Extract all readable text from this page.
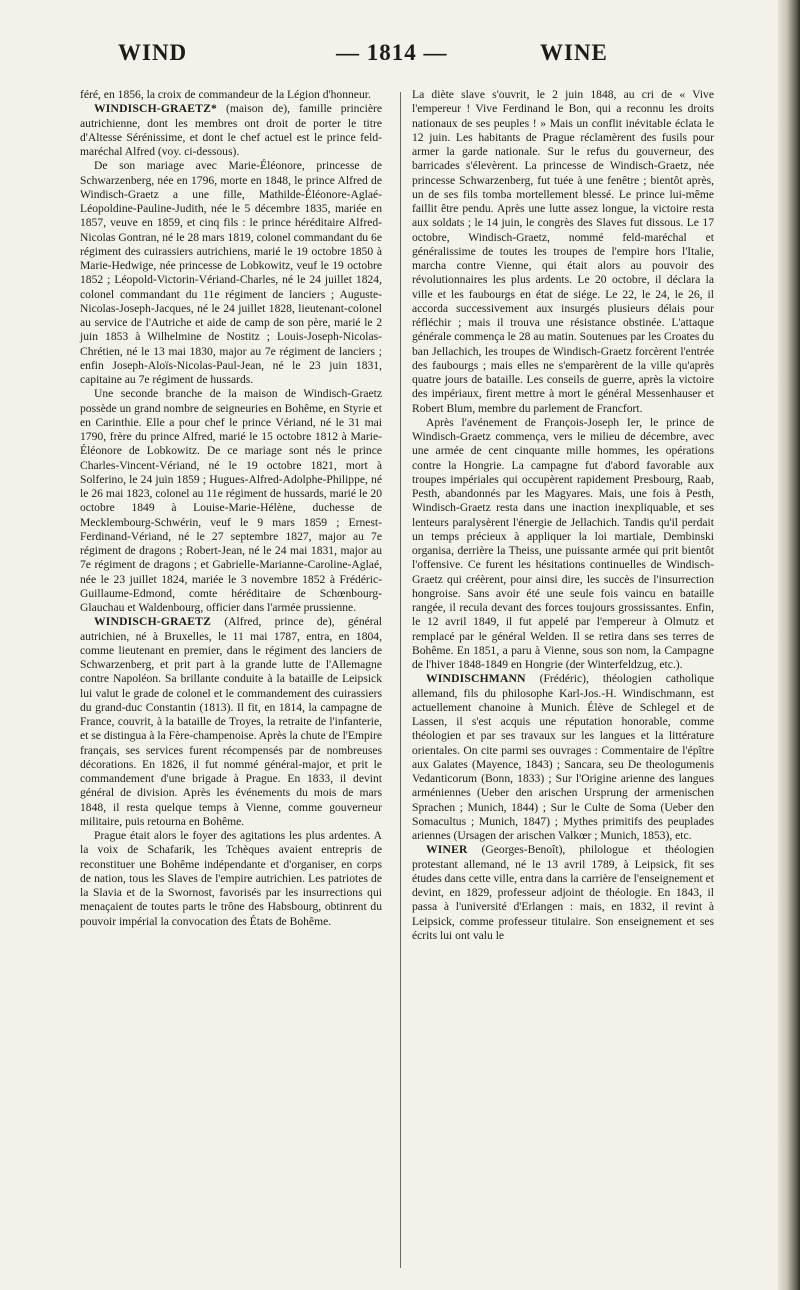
WIND	— 1814 —	WINE

féré, en 1856, la croix de commandeur de la Légion d'honneur.

WINDISCH-GRAETZ* (maison de), famille princière autrichienne, dont les membres ont droit de porter le titre d'Altesse Sérénissime, et dont le chef actuel est le prince feld-maréchal Alfred (voy. ci-dessous).

De son mariage avec Marie-Éléonore, princesse de Schwarzenberg, née en 1796, morte en 1848, le prince Alfred de Windisch-Graetz a une fille, Mathilde-Éléonore-Aglaé-Léopoldine-Pauline-Judith, née le 5 décembre 1835, mariée en 1857, veuve en 1859, et cinq fils : le prince héréditaire Alfred-Nicolas Gontran, né le 28 mars 1819, colonel commandant du 6e régiment des cuirassiers autrichiens, marié le 19 octobre 1850 à Marie-Hedwige, née princesse de Lobkowitz, veuf le 19 octobre 1852 ; Léopold-Victorin-Vériand-Charles, né le 24 juillet 1824, colonel commandant du 11e régiment de lanciers ; Auguste-Nicolas-Joseph-Jacques, né le 24 juillet 1828, lieutenant-colonel au service de l'Autriche et aide de camp de son père, marié le 2 juin 1853 à Wilhelmine de Nostitz ; Louis-Joseph-Nicolas-Chrétien, né le 13 mai 1830, major au 7e régiment de lanciers ; enfin Joseph-Aloïs-Nicolas-Paul-Jean, né le 23 juin 1831, capitaine au 7e régiment de hussards.

Une seconde branche de la maison de Windisch-Graetz possède un grand nombre de seigneuries en Bohême, en Styrie et en Carinthie. Elle a pour chef le prince Vériand, né le 31 mai 1790, frère du prince Alfred, marié le 15 octobre 1812 à Marie-Éléonore de Lobkowitz. De ce mariage sont nés le prince Charles-Vincent-Vériand, né le 19 octobre 1821, mort à Solferino, le 24 juin 1859 ; Hugues-Alfred-Adolphe-Philippe, né le 26 mai 1823, colonel au 11e régiment de hussards, marié le 20 octobre 1849 à Louise-Marie-Hélène, duchesse de Mecklembourg-Schwérin, veuf le 9 mars 1859 ; Ernest-Ferdinand-Vériand, né le 27 septembre 1827, major au 7e régiment de dragons ; Robert-Jean, né le 24 mai 1831, major au 7e régiment de dragons ; et Gabrielle-Marianne-Caroline-Aglaé, née le 23 juillet 1824, mariée le 3 novembre 1852 à Frédéric-Guillaume-Edmond, comte héréditaire de Schœnbourg-Glauchau et Waldenbourg, officier dans l'armée prussienne.

WINDISCH-GRAETZ (Alfred, prince de), général autrichien, né à Bruxelles, le 11 mai 1787, entra, en 1804, comme lieutenant en premier, dans le régiment des lanciers de Schwarzenberg, et prit part à la grande lutte de l'Allemagne contre Napoléon. Sa brillante conduite à la bataille de Leipsick lui valut le grade de colonel et le commandement des cuirassiers du grand-duc Constantin (1813). Il fit, en 1814, la campagne de France, couvrit, à la bataille de Troyes, la retraite de l'infanterie, et se distingua à la Fère-champenoise. Après la chute de l'Empire français, ses services furent récompensés par de nombreuses décorations. En 1826, il fut nommé général-major, et prit le commandement d'une brigade à Prague. En 1833, il devint général de division. Après les événements du mois de mars 1848, il resta quelque temps à Vienne, comme gouverneur militaire, puis retourna en Bohême.

Prague était alors le foyer des agitations les plus ardentes. A la voix de Schafarik, les Tchèques avaient entrepris de reconstituer une Bohême indépendante et d'organiser, en corps de nation, tous les Slaves de l'empire autrichien. Les patriotes de la Slavia et de la Swornost, favorisés par les insurrections qui menaçaient de toutes parts le trône des Habsbourg, obtinrent du pouvoir impérial la convocation des États de Bohême.

La diète slave s'ouvrit, le 2 juin 1848, au cri de « Vive l'empereur ! Vive Ferdinand le Bon, qui a reconnu les droits nationaux de ses peuples ! » Mais un conflit inévitable éclata le 12 juin. Les habitants de Prague réclamèrent des fusils pour armer la garde nationale. Sur le refus du gouverneur, des barricades s'élevèrent. La princesse de Windisch-Graetz, née princesse Schwarzenberg, fut tuée à une fenêtre ; bientôt après, un de ses fils tomba mortellement blessé. Le prince lui-même faillit être pendu. Après une lutte assez longue, la victoire resta aux soldats ; le 14 juin, le congrès des Slaves fut dissous. Le 17 octobre, Windisch-Graetz, nommé feld-maréchal et généralissime de toutes les troupes de l'empire hors l'Italie, marcha contre Vienne, qui était alors au pouvoir des révolutionnaires les plus ardents. Le 20 octobre, il déclara la ville et les faubourgs en état de siége. Le 22, le 24, le 26, il accorda successivement aux insurgés plusieurs délais pour réfléchir ; mais il trouva une résistance obstinée. L'attaque générale commença le 28 au matin. Soutenues par les Croates du ban Jellachich, les troupes de Windisch-Graetz forcèrent l'entrée des faubourgs ; mais elles ne s'emparèrent de la ville qu'après quatre jours de bataille. Les conseils de guerre, après la victoire des impériaux, firent mettre à mort le général Messenhauser et Robert Blum, membre du parlement de Francfort.

Après l'avénement de François-Joseph Ier, le prince de Windisch-Graetz commença, vers le milieu de décembre, avec une armée de cent cinquante mille hommes, les opérations contre la Hongrie. La campagne fut d'abord favorable aux troupes impériales qui occupèrent rapidement Presbourg, Raab, Pesth, abandonnés par les Magyares. Mais, une fois à Pesth, Windisch-Graetz resta dans une inaction inexpliquable, et ses lenteurs paralysèrent l'énergie de Jellachich. Tandis qu'il perdait un temps précieux à appliquer la loi martiale, Dembinski organisa, derrière la Theiss, une puissante armée qui prit bientôt l'offensive. Ce furent les hésitations continuelles de Windisch-Graetz qui créèrent, pour ainsi dire, les succès de l'insurrection hongroise. Sans avoir été une seule fois vaincu en bataille rangée, il recula devant des forces toujours grossissantes. Enfin, le 12 avril 1849, il fut appelé par l'empereur à Olmutz et remplacé par le général Welden. Il se retira dans ses terres de Bohême. En 1851, a paru à Vienne, sous son nom, la Campagne de l'hiver 1848-1849 en Hongrie (der Winterfeldzug, etc.).

WINDISCHMANN (Frédéric), théologien catholique allemand, fils du philosophe Karl-Jos.-H. Windischmann, est actuellement chanoine à Munich. Élève de Schlegel et de Lassen, il s'est acquis une réputation honorable, comme théologien et par ses travaux sur les langues et la littérature orientales. On cite parmi ses ouvrages : Commentaire de l'épître aux Galates (Mayence, 1843) ; Sancara, seu De theologumenis Vedanticorum (Bonn, 1833) ; Sur l'Origine arienne des langues arméniennes (Ueber den arischen Ursprung der armenischen Sprachen ; Munich, 1844) ; Sur le Culte de Soma (Ueber den Somacultus ; Munich, 1847) ; Mythes primitifs des peuplades ariennes (Ursagen der arischen Valkœr ; Munich, 1853), etc.

WINER (Georges-Benoît), philologue et théologien protestant allemand, né le 13 avril 1789, à Leipsick, fit ses études dans cette ville, entra dans la carrière de l'enseignement et devint, en 1829, professeur adjoint de théologie. En 1843, il passa à l'université d'Erlangen : mais, en 1832, il revint à Leipsick, comme professeur titulaire. Son enseignement et ses écrits lui ont valu le
